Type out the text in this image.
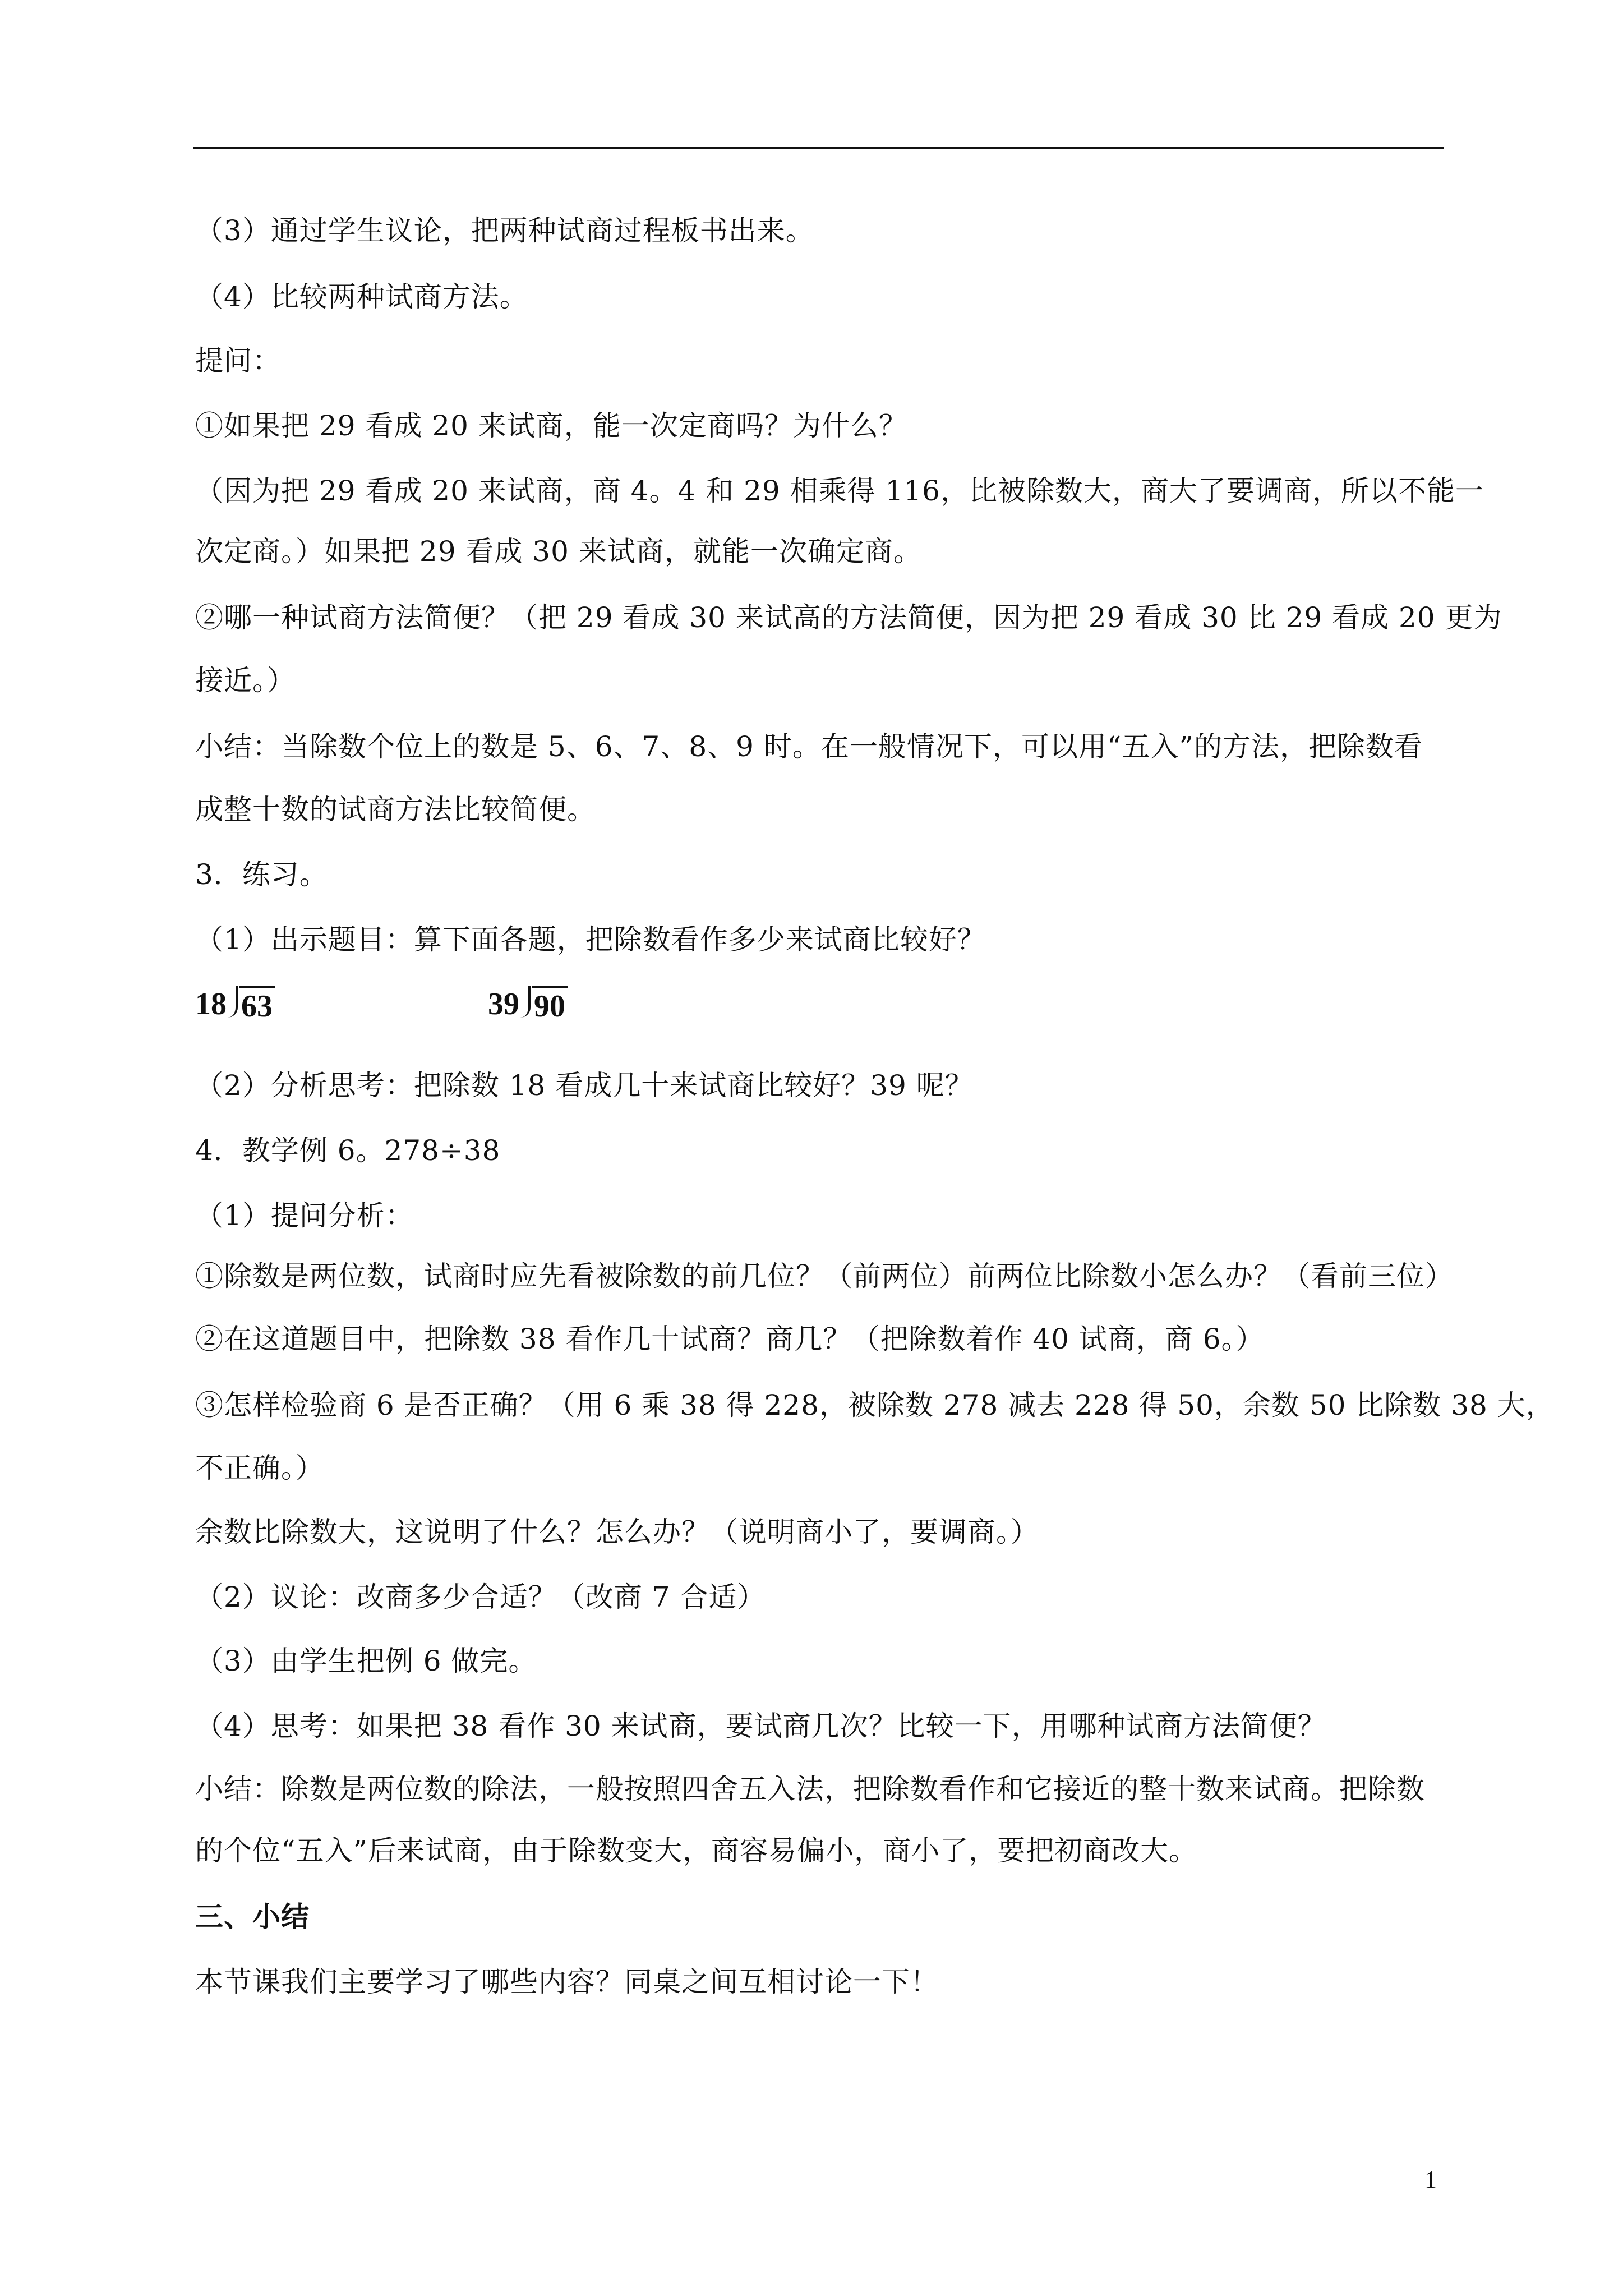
（3）通过学生议论，把两种试商过程板书出来。
（4）比较两种试商方法。
提问：
①如果把 29 看成 20 来试商，能一次定商吗？为什么？
（因为把 29 看成 20 来试商，商 4。4 和 29 相乘得 116，比被除数大，商大了要调商，所以不能一
次定商。）如果把 29 看成 30 来试商，就能一次确定商。
②哪一种试商方法简便？（把 29 看成 30 来试高的方法简便，因为把 29 看成 30 比 29 看成 20 更为
接近。）
小结：当除数个位上的数是 5、6、7、8、9 时。在一般情况下，可以用“五入”的方法，把除数看
成整十数的试商方法比较简便。
3．练习。
（1）出示题目：算下面各题，把除数看作多少来试商比较好？
18 63	39 90
（2）分析思考：把除数 18 看成几十来试商比较好？39 呢？
4．教学例 6。278÷38
（1）提问分析：
①除数是两位数，试商时应先看被除数的前几位？（前两位）前两位比除数小怎么办？（看前三位）
②在这道题目中，把除数 38 看作几十试商？商几？（把除数着作 40 试商，商 6。）
③怎样检验商 6 是否正确？（用 6 乘 38 得 228，被除数 278 减去 228 得 50，余数 50 比除数 38 大，
不正确。）
余数比除数大，这说明了什么？怎么办？（说明商小了，要调商。）
（2）议论：改商多少合适？（改商 7 合适）
（3）由学生把例 6 做完。
（4）思考：如果把 38 看作 30 来试商，要试商几次？比较一下，用哪种试商方法简便？
小结：除数是两位数的除法，一般按照四舍五入法，把除数看作和它接近的整十数来试商。把除数
的个位“五入”后来试商，由于除数变大，商容易偏小，商小了，要把初商改大。
三、小结
本节课我们主要学习了哪些内容？同桌之间互相讨论一下！
1
